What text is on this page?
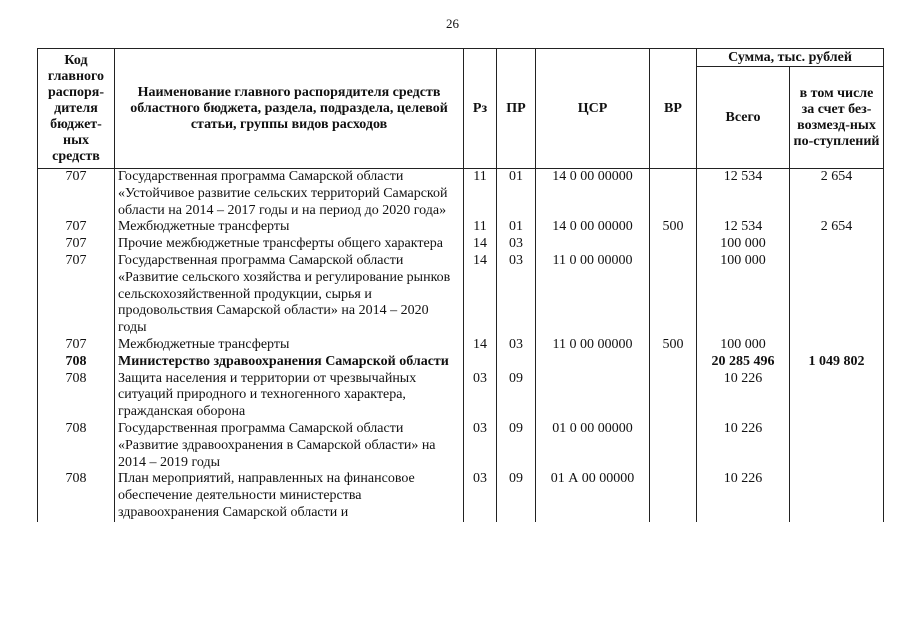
26
Код главного распоря-дителя бюджет-ных средств	Наименование главного распорядителя средств областного бюджета, раздела, подраздела, целевой статьи, группы видов расходов	Рз	ПР	ЦСР	ВР	Сумма, тыс. рублей	
						Всего	в том числе за счет без-возмезд-ных по-ступлений
707	Государственная программа Самарской области «Устойчивое развитие сельских территорий Самарской области на 2014 – 2017 годы и на период до 2020 года»	11	01	14 0 00 00000		12 534	2 654
707	Межбюджетные трансферты	11	01	14 0 00 00000	500	12 534	2 654
707	Прочие межбюджетные трансферты общего характера	14	03			100 000	
707	Государственная программа Самарской области «Развитие сельского хозяйства и регулирование рынков сельскохозяйственной продукции, сырья и продовольствия Самарской области» на 2014 – 2020 годы	14	03	11 0 00 00000		100 000	
707	Межбюджетные трансферты	14	03	11 0 00 00000	500	100 000	
708	Министерство здравоохранения Самарской области					20 285 496	1 049 802
708	Защита населения и территории от чрезвычайных ситуаций природного и техногенного характера, гражданская оборона	03	09			10 226	
708	Государственная программа Самарской области «Развитие здравоохранения в Самарской области» на 2014 – 2019 годы	03	09	01 0 00 00000		10 226	
708	План мероприятий, направленных на финансовое обеспечение деятельности министерства здравоохранения Самарской области и	03	09	01 А 00 00000		10 226	
